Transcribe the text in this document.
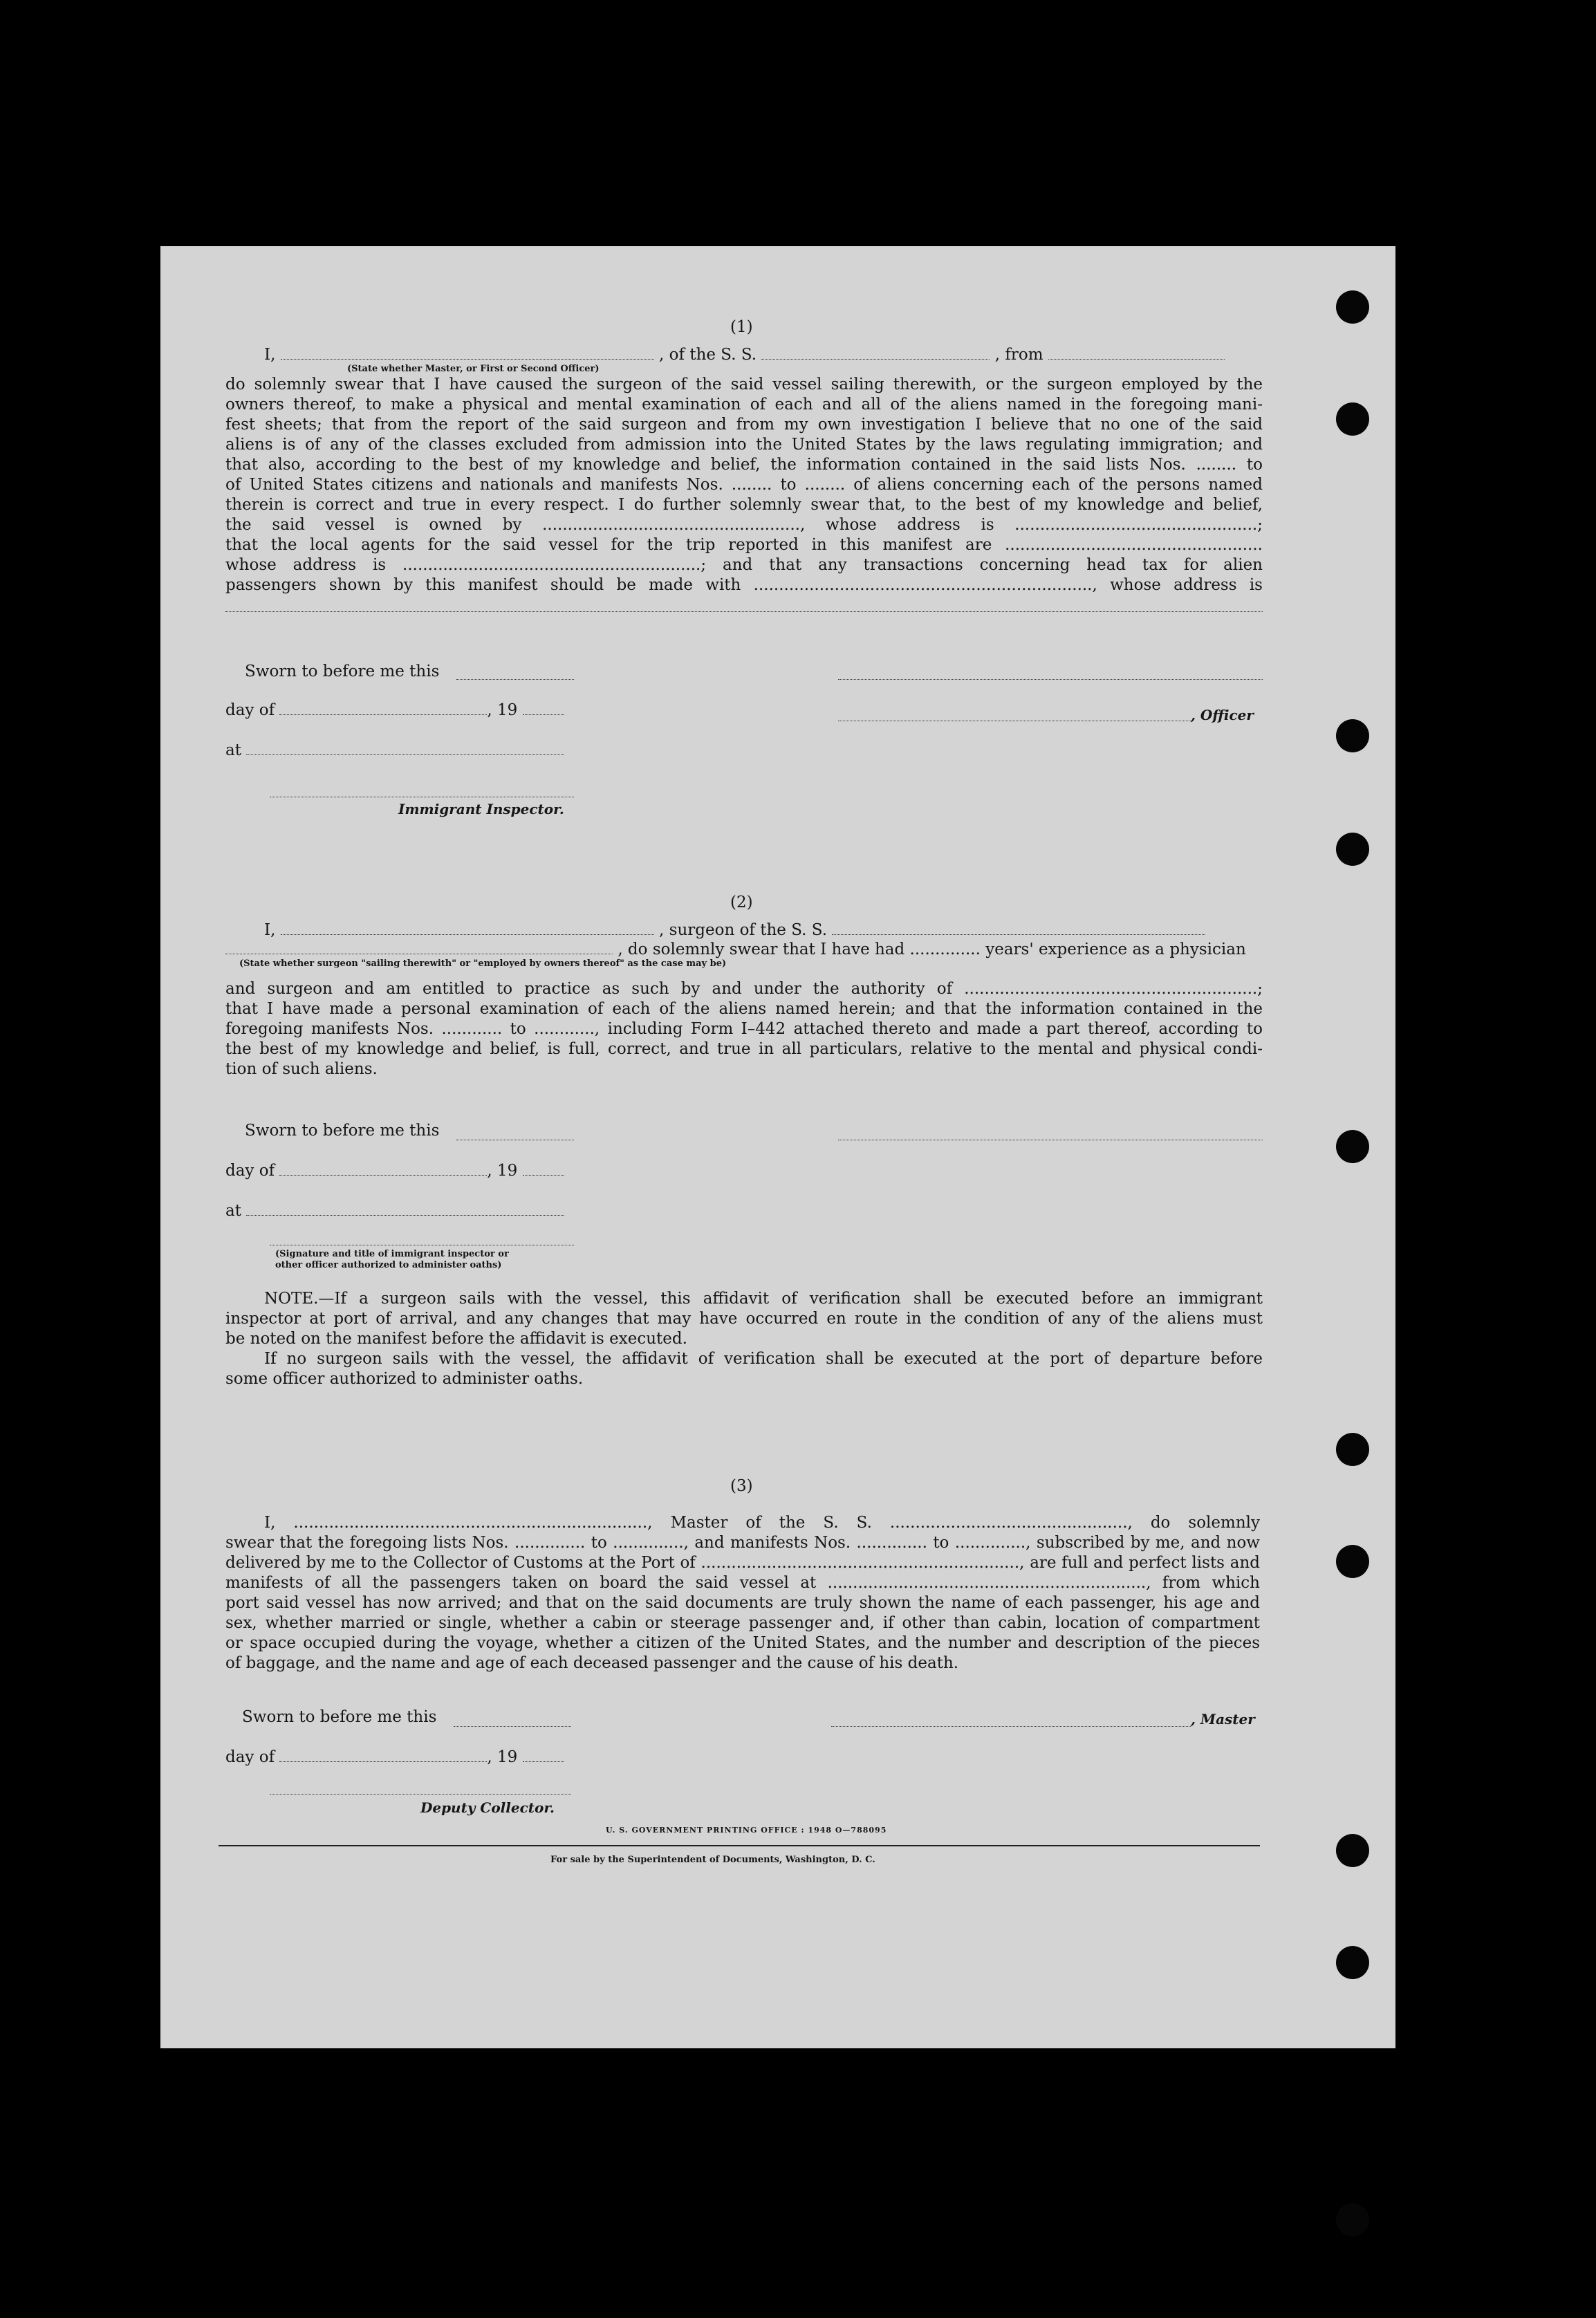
(1)
I,	, of the S. S.	, from
(State whether Master, or First or Second Officer)
do solemnly swear that I have caused the surgeon of the said vessel sailing therewith, or the surgeon employed by the
owners thereof, to make a physical and mental examination of each and all of the aliens named in the foregoing mani-
fest sheets; that from the report of the said surgeon and from my own investigation I believe that no one of the said
aliens is of any of the classes excluded from admission into the United States by the laws regulating immigration; and
that also, according to the best of my knowledge and belief, the information contained in the said lists Nos. ........ to
of United States citizens and nationals and manifests Nos. ........ to ........ of aliens concerning each of the persons named
therein is correct and true in every respect. I do further solemnly swear that, to the best of my knowledge and belief,
the said vessel is owned by ..................................................., whose address is ................................................;
that the local agents for the said vessel for the trip reported in this manifest are ...................................................
whose address is ...........................................................; and that any transactions concerning head tax for alien
passengers shown by this manifest should be made with ..................................................................., whose address is
Sworn to before me this
day of	, 19	, Officer
at
Immigrant Inspector.
(2)
I,	, surgeon of the S. S.
, do solemnly swear that I have had .............. years' experience as a physician
(State whether surgeon "sailing therewith" or "employed by owners thereof" as the case may be)
and surgeon and am entitled to practice as such by and under the authority of ..........................................................;
that I have made a personal examination of each of the aliens named herein; and that the information contained in the
foregoing manifests Nos. ............ to ............, including Form I–442 attached thereto and made a part thereof, according to
the best of my knowledge and belief, is full, correct, and true in all particulars, relative to the mental and physical condi-
tion of such aliens.
Sworn to before me this
day of	, 19
at
(Signature and title of immigrant inspector or
other officer authorized to administer oaths)
NOTE.—If a surgeon sails with the vessel, this affidavit of verification shall be executed before an immigrant
inspector at port of arrival, and any changes that may have occurred en route in the condition of any of the aliens must
be noted on the manifest before the affidavit is executed.
If no surgeon sails with the vessel, the affidavit of verification shall be executed at the port of departure before
some officer authorized to administer oaths.
(3)
I, ......................................................................, Master of the S. S. ..............................................., do solemnly
swear that the foregoing lists Nos. .............. to .............., and manifests Nos. .............. to .............., subscribed by me, and now
delivered by me to the Collector of Customs at the Port of ..............................................................., are full and perfect lists and
manifests of all the passengers taken on board the said vessel at ..............................................................., from which
port said vessel has now arrived; and that on the said documents are truly shown the name of each passenger, his age and
sex, whether married or single, whether a cabin or steerage passenger and, if other than cabin, location of compartment
or space occupied during the voyage, whether a citizen of the United States, and the number and description of the pieces
of baggage, and the name and age of each deceased passenger and the cause of his death.
Sworn to before me this	, Master
day of	, 19
Deputy Collector.
U. S. GOVERNMENT PRINTING OFFICE : 1948 O—788095
For sale by the Superintendent of Documents, Washington, D. C.
